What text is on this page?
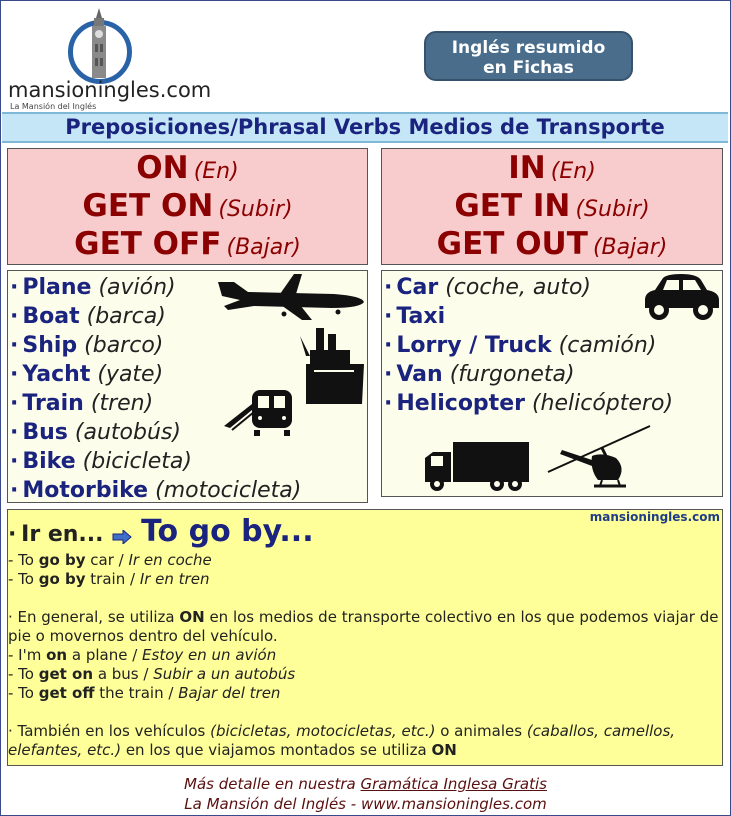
mansioningles.com
La Mansión del Inglés
Inglés resumido
en Fichas
Preposiciones/Phrasal Verbs Medios de Transporte
ON (En)
GET ON (Subir)
GET OFF (Bajar)
IN (En)
GET IN (Subir)
GET OUT (Bajar)
· Plane (avión)
· Boat (barca)
· Ship (barco)
· Yacht (yate)
· Train (tren)
· Bus (autobús)
· Bike (bicicleta)
· Motorbike (motocicleta)
· Car (coche, auto)
· Taxi
· Lorry / Truck (camión)
· Van (furgoneta)
· Helicopter (helicóptero)
mansioningles.com
· Ir en... To go by...
- To go by car / Ir en coche
- To go by train / Ir en tren
· En general, se utiliza ON en los medios de transporte colectivo en los que podemos viajar de pie o movernos dentro del vehículo.
- I'm on a plane / Estoy en un avión
- To get on a bus / Subir a un autobús
- To get off the train / Bajar del tren
· También en los vehículos (bicicletas, motocicletas, etc.) o animales (caballos, camellos, elefantes, etc.) en los que viajamos montados se utiliza ON
Más detalle en nuestra Gramática Inglesa Gratis
La Mansión del Inglés - www.mansioningles.com
